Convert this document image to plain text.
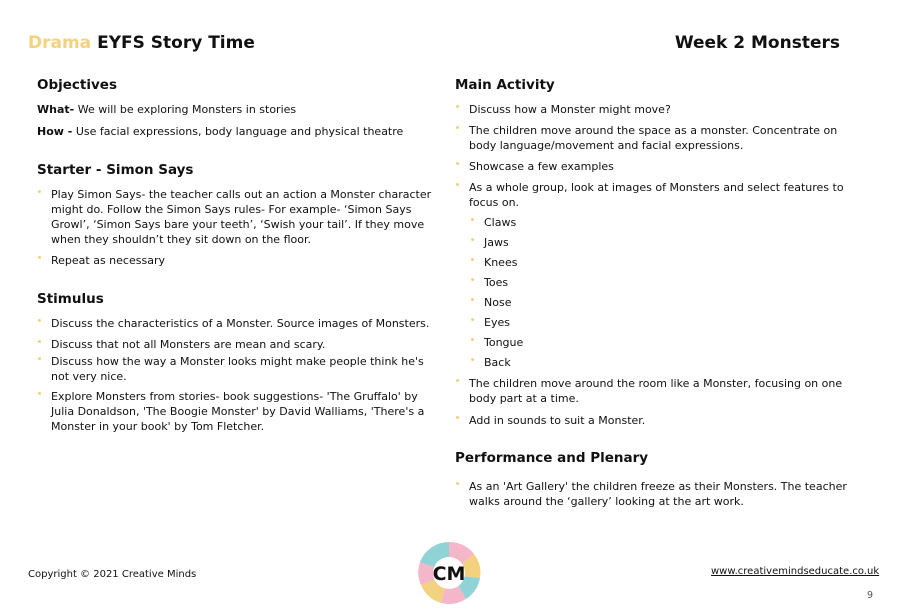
Drama EYFS Story Time	Week 2 Monsters
Objectives
What- We will be exploring Monsters in stories
How - Use facial expressions, body language and physical theatre
Starter - Simon Says
Play Simon Says- the teacher calls out an action a Monster character might do. Follow the Simon Says rules- For example- ‘Simon Says Growl’, ‘Simon Says bare your teeth’, ‘Swish your tail’. If they move when they shouldn’t they sit down on the floor.
Repeat as necessary
Stimulus
Discuss the characteristics of a Monster. Source images of Monsters.
Discuss that not all Monsters are mean and scary.
Discuss how the way a Monster looks might make people think he's not very nice.
Explore Monsters from stories- book suggestions- 'The Gruffalo' by Julia Donaldson, 'The Boogie Monster' by David Walliams, 'There's a Monster in your book' by Tom Fletcher.
Main Activity
Discuss how a Monster might move?
The children move around the space as a monster. Concentrate on body language/movement and facial expressions.
Showcase a few examples
As a whole group, look at images of Monsters and select features to focus on.
Claws
Jaws
Knees
Toes
Nose
Eyes
Tongue
Back
The children move around the room like a Monster, focusing on one body part at a time.
Add in sounds to suit a Monster.
Performance and Plenary
As an 'Art Gallery' the children freeze as their Monsters. The teacher walks around the ‘gallery’ looking at the art work.
Copyright © 2021 Creative Minds	CM	www.creativemindseducate.co.uk
9
